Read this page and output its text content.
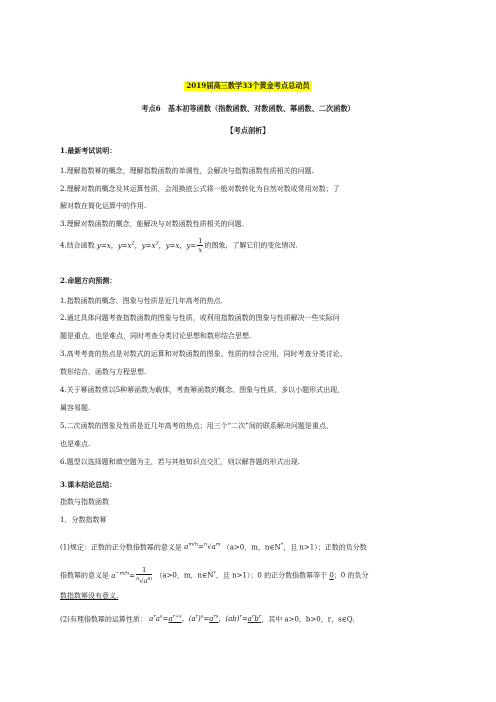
2019届高三数学33个黄金考点总动员
考点6　基本初等函数（指数函数、对数函数、幂函数、二次函数）
【考点剖析】
1.最新考试说明：
1.理解指数幂的概念，理解指数函数的单调性，会解决与指数函数性质相关的问题.
2.理解对数的概念及其运算性质，会用换底公式将一般对数转化为自然对数或常用对数；了
解对数在简化运算中的作用.
3.理解对数函数的概念，能解决与对数函数性质相关的问题.
4.结合函数 y=x，$y=x^2$，$y=x^3$，y=x，$y= \frac{1}{x}$ 的图象，了解它们的变化情况.
2.命题方向预测：
1.指数函数的概念、图象与性质是近几年高考的热点.
2.通过具体问题考查指数函数的图象与性质，或利用指数函数的图象与性质解决一些实际问
题是重点，也是难点，同时考查分类讨论思想和数形结合思想.
3.高考考查的热点是对数式的运算和对数函数的图象、性质的综合应用，同时考查分类讨论、
数形结合、函数与方程思想.
4.关于幂函数常以5种幂函数为载体，考查幂函数的概念、图象与性质，多以小题形式出现，
属容易题.
5.二次函数的图象及性质是近几年高考的热点；用三个“二次”间的联系解决问题是重点，
也是难点.
6.题型以选择题和填空题为主，若与其他知识点交汇，则以解答题的形式出现.
3.课本结论总结：
指数与指数函数
1．分数指数幂
(1)规定：正数的正分数指数幂的意义是 $a^{m/n}=^n√a^m$ （a>0，m，n∈N*，且 n>1）；正数的负分数
指数幂的意义是 $a^{-m/n}= \frac{1}{^n√a^m} (a>0$，m，n∈N*，且 n>1）；0 的正分数指数幂等于 0；0 的负分
数指数幂没有意义.
(2)有理指数幂的运算性质： $a^ra^s=a^{r+s}$，$(a^r)^s=a^{rs}$，$(ab)^r=a^rb^r$，其中 a>0，b>0，r，s∈Q.
